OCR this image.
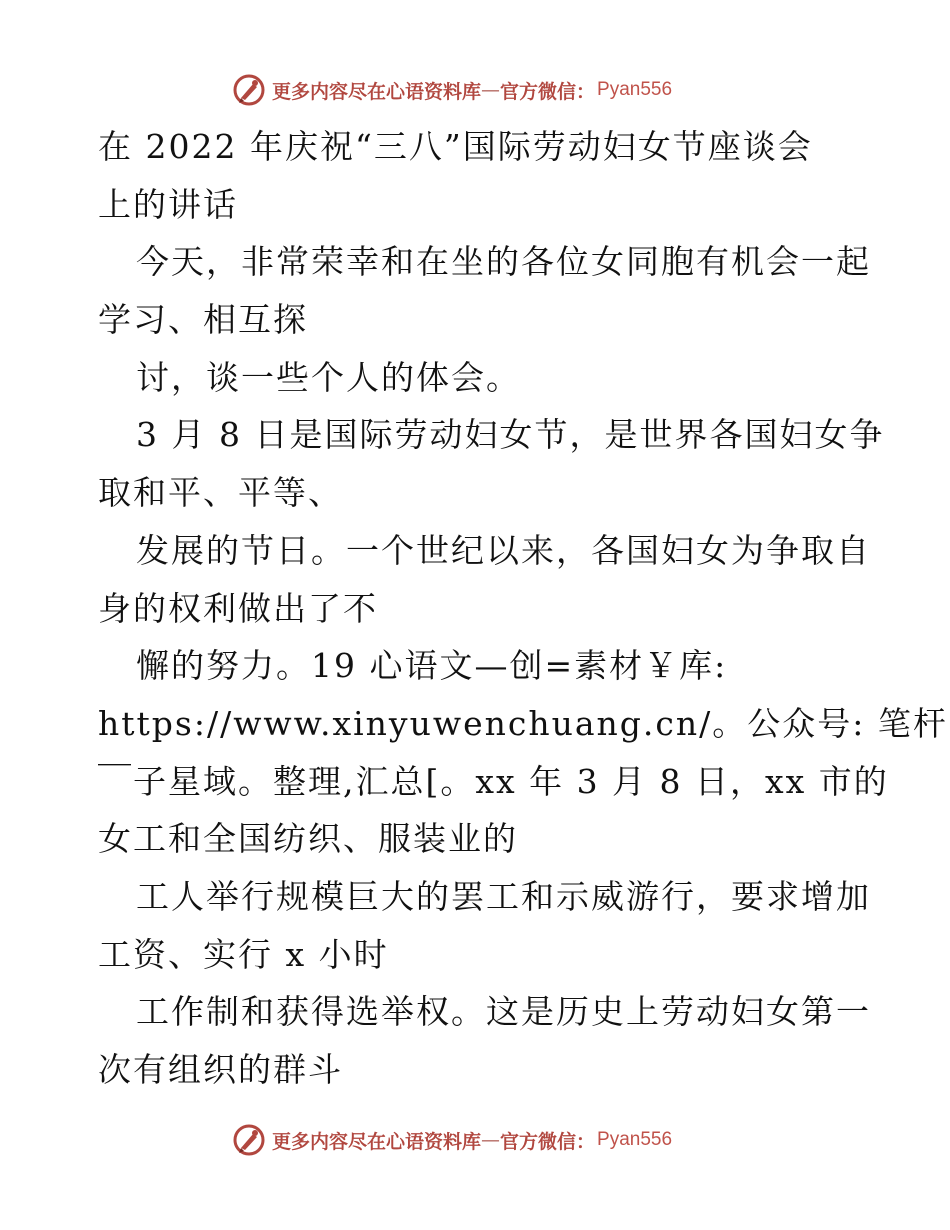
更多内容尽在心语资料库 — 官方微信： Pyan556
在 2022 年庆祝“三八”国际劳动妇女节座谈会
上的讲话
今天，非常荣幸和在坐的各位女同胞有机会一起
学习、相互探
讨，谈一些个人的体会。
3 月 8 日是国际劳动妇女节，是世界各国妇女争
取和平、平等、
发展的节日。一个世纪以来，各国妇女为争取自
身的权利做出了不
懈的努力。19 心语文—创=素材￥库:
https://www.xinyuwenchuang.cn/。公众号: 笔杆
￣子星域。整理,汇总[。xx 年 3 月 8 日，xx 市的
女工和全国纺织、服装业的
工人举行规模巨大的罢工和示威游行，要求增加
工资、实行 x 小时
工作制和获得选举权。这是历史上劳动妇女第一
次有组织的群斗
更多内容尽在心语资料库 — 官方微信： Pyan556
